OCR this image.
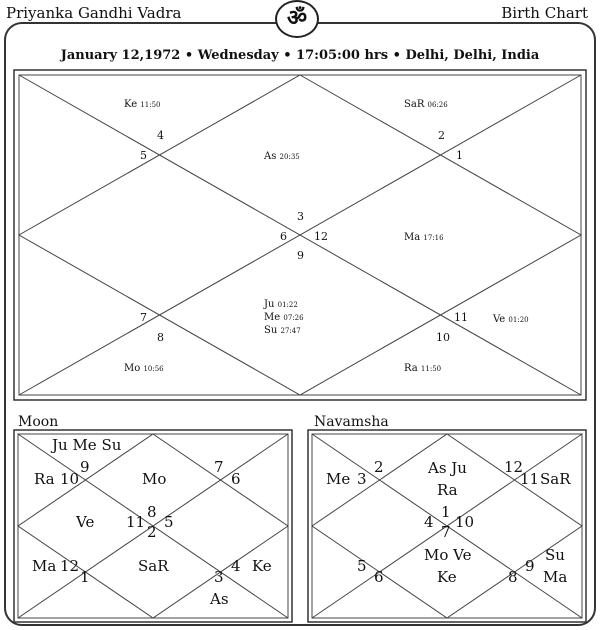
Priyanka Gandhi Vadra	Birth Chart
ॐ
January 12,1972 • Wednesday • 17:05:00 hrs • Delhi, Delhi, India
Ke 11:50	SaR 06:26
As 20:35
Ma 17:16
Ju 01:22
Me 07:26
Su 27:47
Ve 01:20
Mo 10:56	Ra 11:50
4
5
2
1
3
6 12
9
7
8
11
10
Moon
Ju Me Su
Ra	Mo
Ve
SaR
Ma	Ke
As
9
10
7
6
8
11 5
2
12
1	3
4
Navamsha
Me
As Ju
Ra
SaR
Mo Ve
Ke
Su
Ma
3
2	12
11
1
4 10
7
5
6
9
8
